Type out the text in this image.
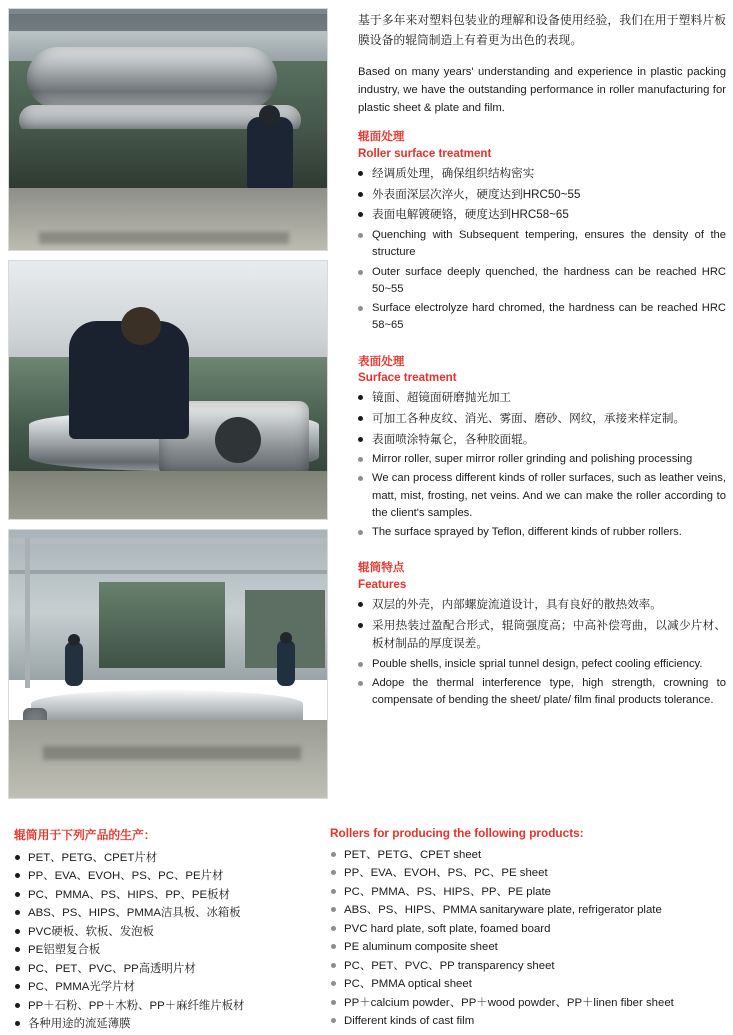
基于多年来对塑料包装业的理解和设备使用经验，我们在用于塑料片板膜设备的辊筒制造上有着更为出色的表现。
Based on many years' understanding and experience in plastic packing industry, we have the outstanding performance in roller manufacturing for plastic sheet & plate and film.
辊面处理
Roller surface treatment
经调质处理，确保组织结构密实
外表面深层次淬火，硬度达到HRC50~55
表面电解镀硬铬，硬度达到HRC58~65
Quenching with Subsequent tempering, ensures the density of the structure
Outer surface deeply quenched, the hardness can be reached HRC 50~55
Surface electrolyze hard chromed, the hardness can be reached HRC 58~65
表面处理
Surface treatment
镜面、超镜面研磨抛光加工
可加工各种皮纹、消光、雾面、磨砂、网纹，承接来样定制。
表面喷涂特氟仑，各种胶面辊。
Mirror roller, super mirror roller grinding and polishing processing
We can process different kinds of roller surfaces, such as leather veins, matt, mist, frosting, net veins. And we can make the roller according to the client's samples.
The surface sprayed by Teflon, different kinds of rubber rollers.
辊筒特点
Features
双层的外壳，内部螺旋流道设计，具有良好的散热效率。
采用热装过盈配合形式，辊筒强度高；中高补偿弯曲，以减少片材、板材制品的厚度误差。
Pouble shells, insicle sprial tunnel design, pefect cooling efficiency.
Adope the thermal interference type, high strength, crowning to compensate of bending the sheet/ plate/ film final products tolerance.
辊筒用于下列产品的生产：
PET、PETG、CPET片材
PP、EVA、EVOH、PS、PC、PE片材
PC、PMMA、PS、HIPS、PP、PE板材
ABS、PS、HIPS、PMMA洁具板、冰箱板
PVC硬板、软板、发泡板
PE铝塑复合板
PC、PET、PVC、PP高透明片材
PC、PMMA光学片材
PP＋石粉、PP＋木粉、PP＋麻纤维片板材
各种用途的流延薄膜
Rollers for producing the following products:
PET、PETG、CPET sheet
PP、EVA、EVOH、PS、PC、PE sheet
PC、PMMA、PS、HIPS、PP、PE plate
ABS、PS、HIPS、PMMA sanitaryware plate, refrigerator plate
PVC hard plate, soft plate, foamed board
PE aluminum composite sheet
PC、PET、PVC、PP transparency sheet
PC、PMMA optical sheet
PP＋calcium powder、PP＋wood powder、PP＋linen fiber sheet
Different kinds of cast film
